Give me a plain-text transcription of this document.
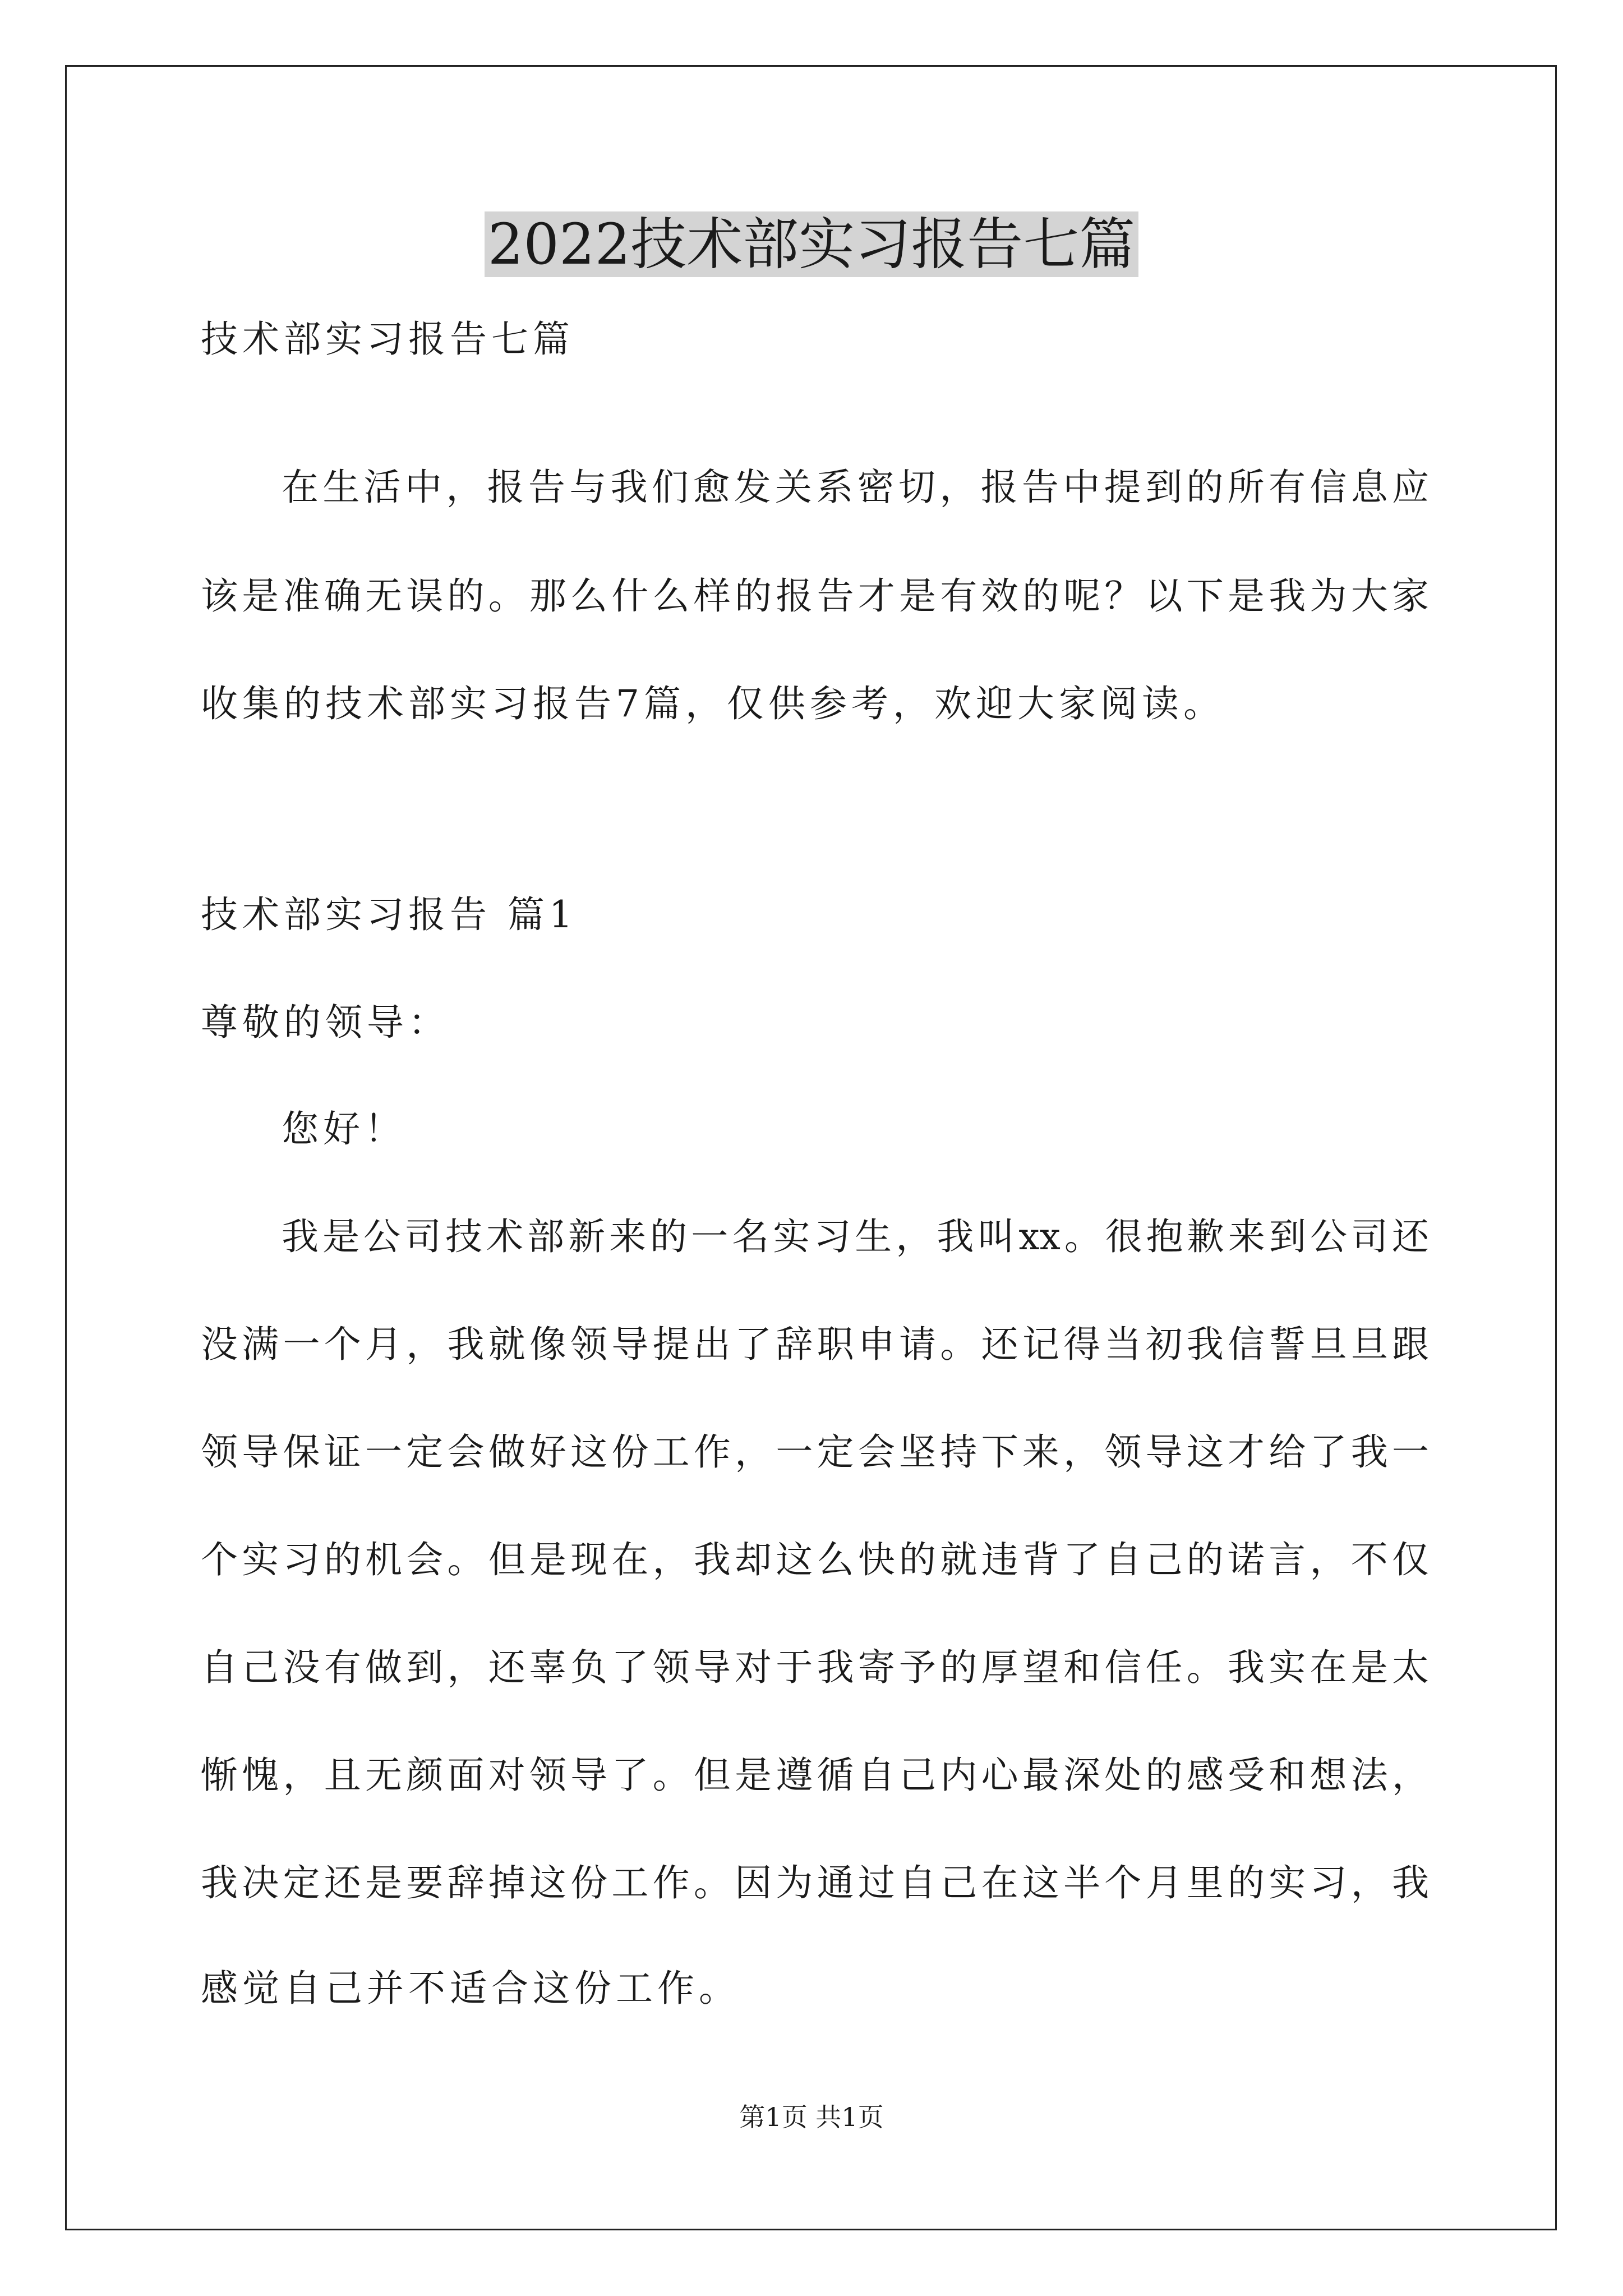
2022技术部实习报告七篇
技术部实习报告七篇
在生活中，报告与我们愈发关系密切，报告中提到的所有信息应
该是准确无误的。那么什么样的报告才是有效的呢？以下是我为大家
收集的技术部实习报告7篇，仅供参考，欢迎大家阅读。
技术部实习报告 篇1
尊敬的领导：
您好！
我是公司技术部新来的一名实习生，我叫xx。很抱歉来到公司还
没满一个月，我就像领导提出了辞职申请。还记得当初我信誓旦旦跟
领导保证一定会做好这份工作，一定会坚持下来，领导这才给了我一
个实习的机会。但是现在，我却这么快的就违背了自己的诺言，不仅
自己没有做到，还辜负了领导对于我寄予的厚望和信任。我实在是太
惭愧，且无颜面对领导了。但是遵循自己内心最深处的感受和想法，
我决定还是要辞掉这份工作。因为通过自己在这半个月里的实习，我
感觉自己并不适合这份工作。
第1页 共1页
